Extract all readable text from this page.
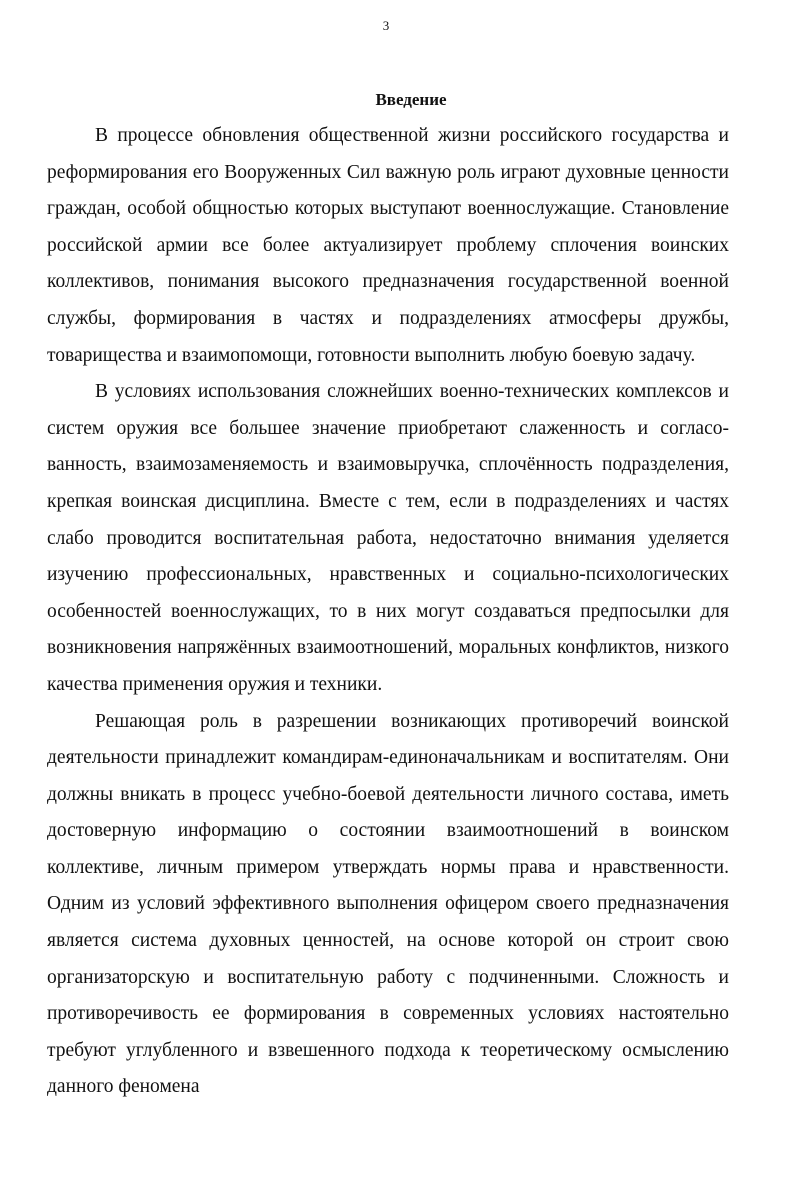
3
Введение

В процессе обновления общественной жизни российского государства и реформирования его Вооруженных Сил важную роль играют духовные ценности граждан, особой общностью которых выступают военнослужащие. Становление российской армии все более актуализирует проблему сплочения воинских коллективов, понимания высокого предназначения государственной военной службы, формирования в частях и подразделениях атмосферы дружбы, товарищества и взаимопомощи, готовности выполнить любую боевую задачу.

В условиях использования сложнейших военно-технических комплексов и систем оружия все большее значение приобретают слаженность и согласованность, взаимозаменяемость и взаимовыручка, сплочённость подразделения, крепкая воинская дисциплина. Вместе с тем, если в подразделениях и частях слабо проводится воспитательная работа, недостаточно внимания уделяется изучению профессиональных, нравственных и социально-психологических особенностей военнослужащих, то в них могут создаваться предпосылки для возникновения напряжённых взаимоотношений, моральных конфликтов, низкого качества применения оружия и техники.

Решающая роль в разрешении возникающих противоречий воинской деятельности принадлежит командирам-единоначальникам и воспитателям. Они должны вникать в процесс учебно-боевой деятельности личного состава, иметь достоверную информацию о состоянии взаимоотношений в воинском коллективе, личным примером утверждать нормы права и нравственности. Одним из условий эффективного выполнения офицером своего предназначения является система духовных ценностей, на основе которой он строит свою организаторскую и воспитательную работу с подчиненными. Сложность и противоречивость ее формирования в современных условиях настоятельно требуют углубленного и взвешенного подхода к теоретическому осмыслению данного феномена
